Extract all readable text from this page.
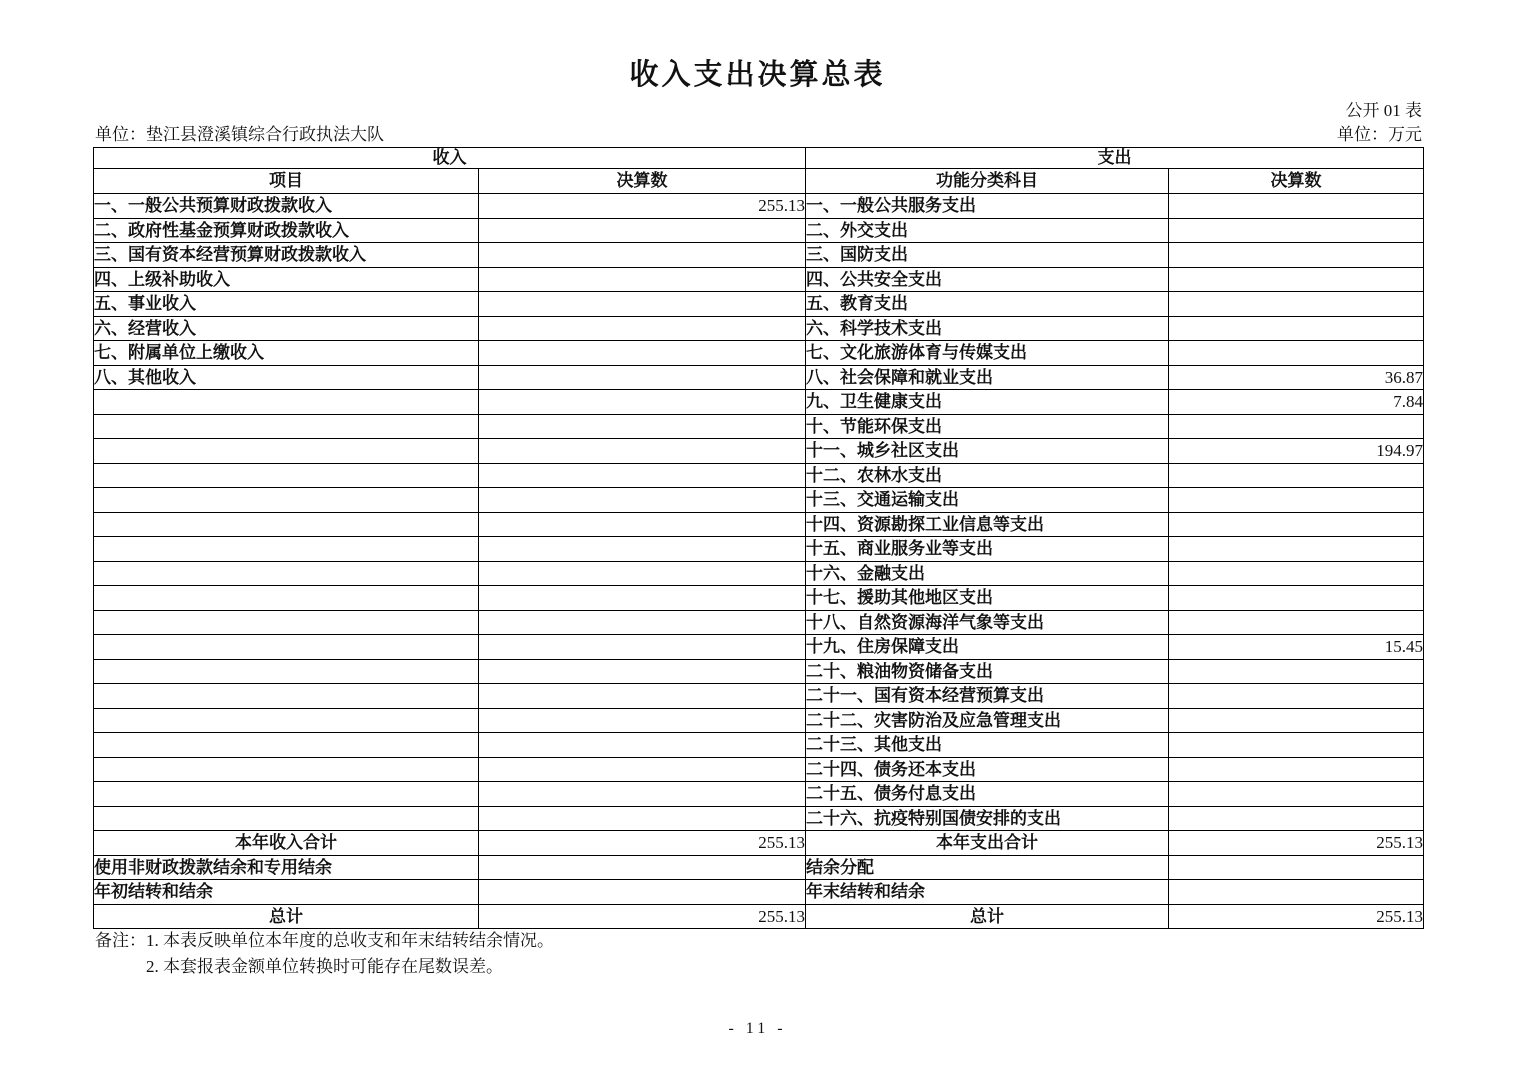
收入支出决算总表
公开 01 表
单位：垫江县澄溪镇综合行政执法大队	单位：万元
收入		支出	
项目	决算数	功能分类科目	决算数
一、一般公共预算财政拨款收入	255.13	一、一般公共服务支出	
二、政府性基金预算财政拨款收入		二、外交支出	
三、国有资本经营预算财政拨款收入		三、国防支出	
四、上级补助收入		四、公共安全支出	
五、事业收入		五、教育支出	
六、经营收入		六、科学技术支出	
七、附属单位上缴收入		七、文化旅游体育与传媒支出	
八、其他收入		八、社会保障和就业支出	36.87
		九、卫生健康支出	7.84
		十、节能环保支出	
		十一、城乡社区支出	194.97
		十二、农林水支出	
		十三、交通运输支出	
		十四、资源勘探工业信息等支出	
		十五、商业服务业等支出	
		十六、金融支出	
		十七、援助其他地区支出	
		十八、自然资源海洋气象等支出	
		十九、住房保障支出	15.45
		二十、粮油物资储备支出	
		二十一、国有资本经营预算支出	
		二十二、灾害防治及应急管理支出	
		二十三、其他支出	
		二十四、债务还本支出	
		二十五、债务付息支出	
		二十六、抗疫特别国债安排的支出	
本年收入合计	255.13	本年支出合计	255.13
使用非财政拨款结余和专用结余		结余分配	
年初结转和结余		年末结转和结余	
总计	255.13	总计	255.13
备注： 1. 本表反映单位本年度的总收支和年末结转结余情况。
2. 本套报表金额单位转换时可能存在尾数误差。
- 11 -
